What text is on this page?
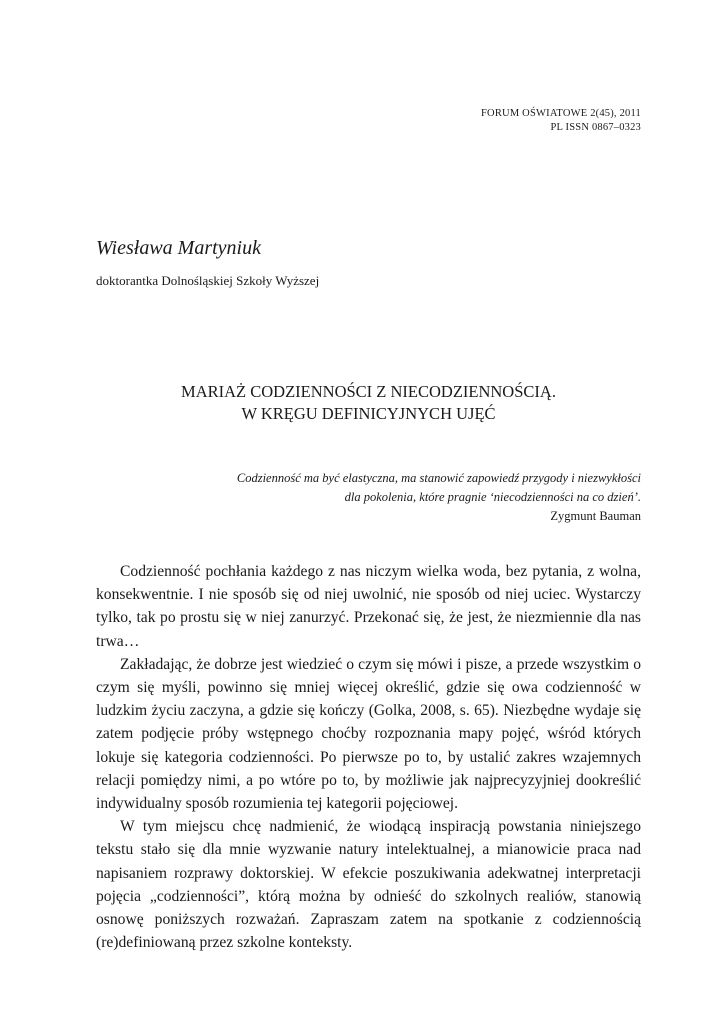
FORUM OŚWIATOWE 2(45), 2011
PL ISSN 0867–0323
Wiesława Martyniuk
doktorantka Dolnośląskiej Szkoły Wyższej
MARIAŻ CODZIENNOŚCI Z NIECODZIENNOŚCIĄ.
W KRĘGU DEFINICYJNYCH UJĘĆ
Codzienność ma być elastyczna, ma stanowić zapowiedź przygody i niezwykłości
dla pokolenia, które pragnie ‘niecodzienności na co dzień’.
Zygmunt Bauman

Codzienność pochłania każdego z nas niczym wielka woda, bez pytania, z wolna, konsekwentnie. I nie sposób się od niej uwolnić, nie sposób od niej uciec. Wystarczy tylko, tak po prostu się w niej zanurzyć. Przekonać się, że jest, że niezmiennie dla nas trwa…

Zakładając, że dobrze jest wiedzieć o czym się mówi i pisze, a przede wszystkim o czym się myśli, powinno się mniej więcej określić, gdzie się owa codzienność w ludzkim życiu zaczyna, a gdzie się kończy (Golka, 2008, s. 65). Niezbędne wydaje się zatem podjęcie próby wstępnego choćby rozpoznania mapy pojęć, wśród których lokuje się kategoria codzienności. Po pierwsze po to, by ustalić zakres wzajemnych relacji pomiędzy nimi, a po wtóre po to, by możliwie jak najprecyzyjniej dookreślić indywidualny sposób rozumienia tej kategorii pojęciowej.

W tym miejscu chcę nadmienić, że wiodącą inspiracją powstania niniejszego tekstu stało się dla mnie wyzwanie natury intelektualnej, a mianowicie praca nad napisaniem rozprawy doktorskiej. W efekcie poszukiwania adekwatnej interpretacji pojęcia „codzienności”, którą można by odnieść do szkolnych realiów, stanowią osnowę poniższych rozważań. Zapraszam zatem na spotkanie z codziennością (re)definiowaną przez szkolne konteksty.
